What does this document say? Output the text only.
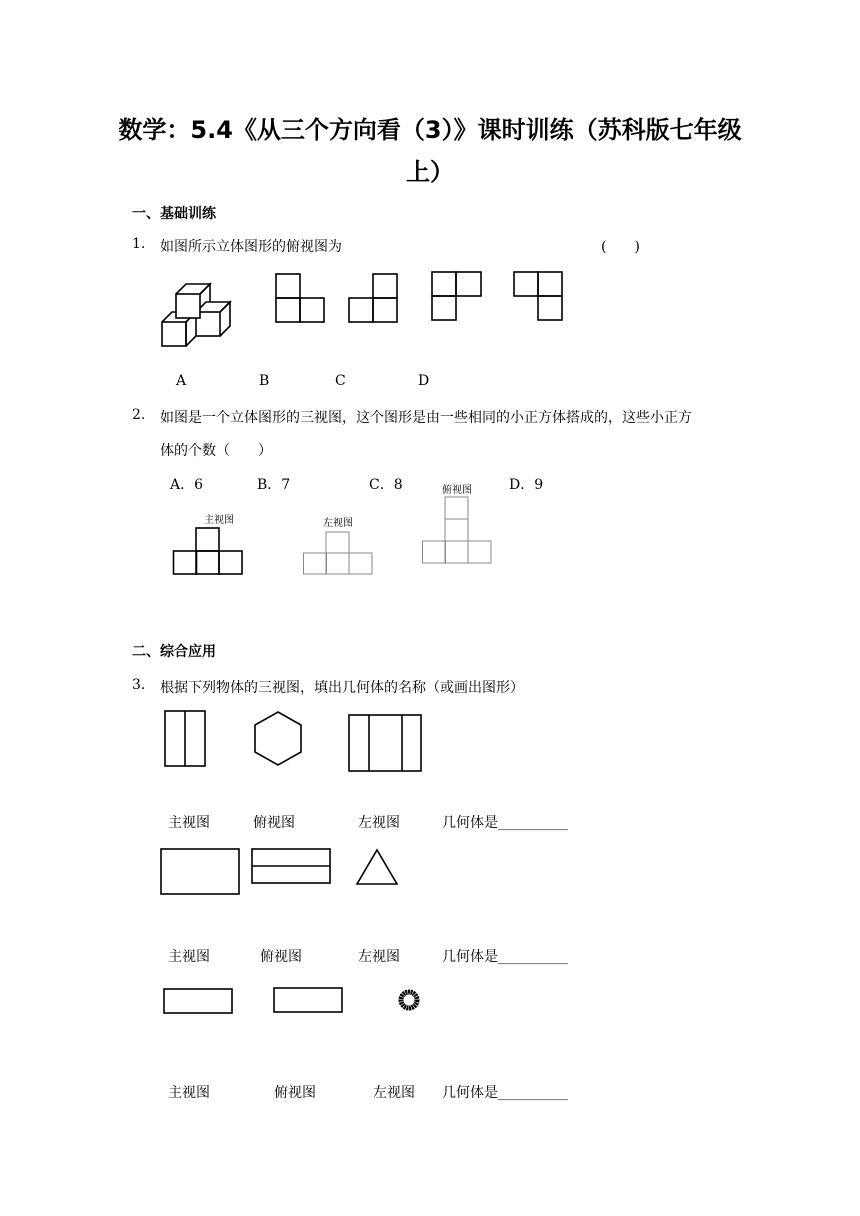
数学：5.4《从三个方向看（3）》课时训练（苏科版七年级
上）
一、基础训练
1. 如图所示立体图形的俯视图为	(　　)
A	B	C	D
2. 如图是一个立体图形的三视图，这个图形是由一些相同的小正方体搭成的，这些小正方
体的个数（　　）
A．6	B．7	C．8	D．9
主视图	左视图
俯视图
二、综合应用
3. 根据下列物体的三视图，填出几何体的名称（或画出图形）
主视图	俯视图	左视图	几何体是__________
主视图	俯视图	左视图	几何体是__________
主视图	俯视图	左视图 几何体是__________
